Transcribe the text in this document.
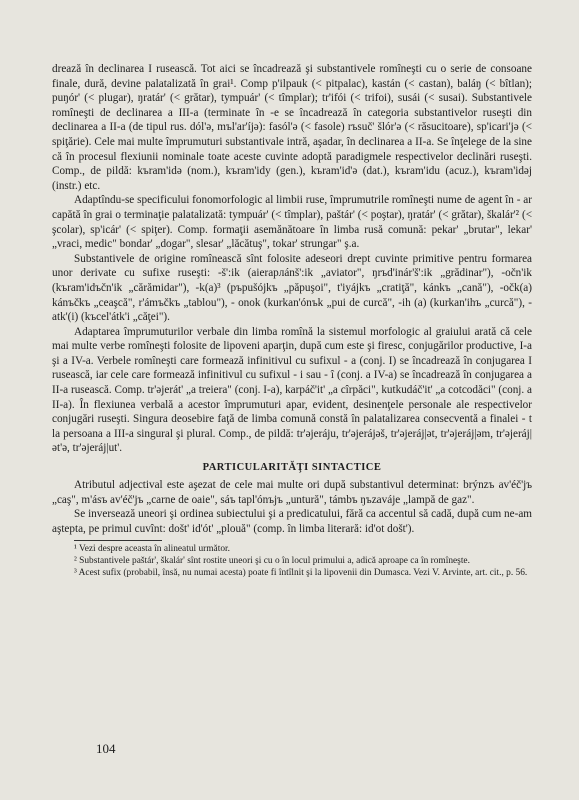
drează în declinarea I rusească. Tot aici se încadrează şi substantivele romîneşti cu o serie de consoane finale, dură, devine palatalizată în grai¹. Comp p'ilpauk (< pitpalac), kastán (< castan), baláŋ (< bîtlan); puŋór' (< plugar), ŋratár' (< grătar), tympuár' (< tîmplar); tr'ifói (< trifoi), susái (< susai). Substantivele romîneşti de declinarea a III-a (terminate în -e se încadrează în categoria substantivelor ruseşti din declinarea a II-a (de tipul rus. dól'ə, mъl'ar'íjə): fasól'ə (< fasole) rъsuč' šlór'ə (< răsucitoare), sp'icari'jə (< spiţărie). Cele mai multe împrumuturi substantivale intră, aşadar, în declinarea a II-a. Se înţelege de la sine că în procesul flexiunii nominale toate aceste cuvinte adoptă paradigmele respectivelor declinări ruseşti. Comp., de pildă: kъram'idə (nom.), kъram'idy (gen.), kъram'id'ə (dat.), kъram'idu (acuz.), kъram'idəj (instr.) etc.

Adaptîndu-se specificului fonomorfologic al limbii ruse, împrumutrile romîneşti nume de agent în - ar capătă în grai o terminaţie palatalizată: tympuár' (< tîmplar), paštár' (< poştar), ŋratár' (< grătar), škalár'² (< şcolar), sp'icár' (< spiţer). Comp. formaţii asemănătoare în limba rusă comună: pekar' „brutar", lekar' „vraci, medic" bondar' „dogar", slesar' „lăcătuş", tokar' strungar" ş.a.

Substantivele de origine romînească sînt folosite adeseori drept cuvinte primitive pentru formarea unor derivate cu sufixe ruseşti: -š':ik (aierapлánš':ik „aviator", ŋrъd'inár'š':ik „grădinar"), -očn'ik (kъram'idъčn'ik „cărămidar"), -k(a)³ (pъpušójkъ „păpuşoi", t'iyájkъ „cratiţă", kánkъ „cană"), -očk(a) kánъčkъ „ceaşcă", r'ámъčkъ „tablou"), - onok (kurkan'ónъk „pui de curcă", -ih (a) (kurkan'ihъ „curcă"), - atk'(i) (kъcel'átk'i „căţei").

Adaptarea împrumuturilor verbale din limba romînă la sistemul morfologic al graiului arată că cele mai multe verbe romîneşti folosite de lipoveni aparţin, după cum este şi firesc, conjugărilor productive, I-a şi a IV-a. Verbele romîneşti care formează infinitivul cu sufixul - a (conj. I) se încadrează în conjugarea I rusească, iar cele care formează infinitivul cu sufixul - i sau - î (conj. a IV-a) se încadrează în conjugarea a II-a rusească. Comp. tr'əjerát' „a treiera" (conj. I-a), karpáč'it' „a cîrpăci", kutkudáč'it' „a cotcodăci" (conj. a II-a). În flexiunea verbală a acestor împrumuturi apar, evident, desinenţele personale ale respectivelor conjugări ruseşti. Singura deosebire faţă de limba comună constă în palatalizarea consecventă a finalei - t la persoana a III-a singural şi plural. Comp., de pildă: tr'əjeráju, tr'əjerájəš, tr'əjeráj|ət, tr'əjeráj|əm, tr'əjeráj|ət'ə, tr'əjeráj|ut'.

PARTICULARITĂŢI SINTACTICE

Atributul adjectival este aşezat de cele mai multe ori după substantivul determinat: brýnzъ av'éč'jъ „caş", m'ásъ av'éč'jъ „carne de oaie", sáъ tapl'ónъjъ „untură", támbъ ŋъzaváje „lampă de gaz".

Se inversează uneori şi ordinea subiectului şi a predicatului, fără ca accentul să cadă, după cum ne-am aştepta, pe primul cuvînt: došt' id'ót' „plouă" (comp. în limba literară: id'ot došt').

¹ Vezi despre aceasta în alineatul următor.

² Substantivele paštár', škalár' sînt rostite uneori şi cu o în locul primului a, adică aproape ca în romîneşte.

³ Acest sufix (probabil, însă, nu numai acesta) poate fi întîlnit şi la lipovenii din Dumasca. Vezi V. Arvinte, art. cit., p. 56.

104
